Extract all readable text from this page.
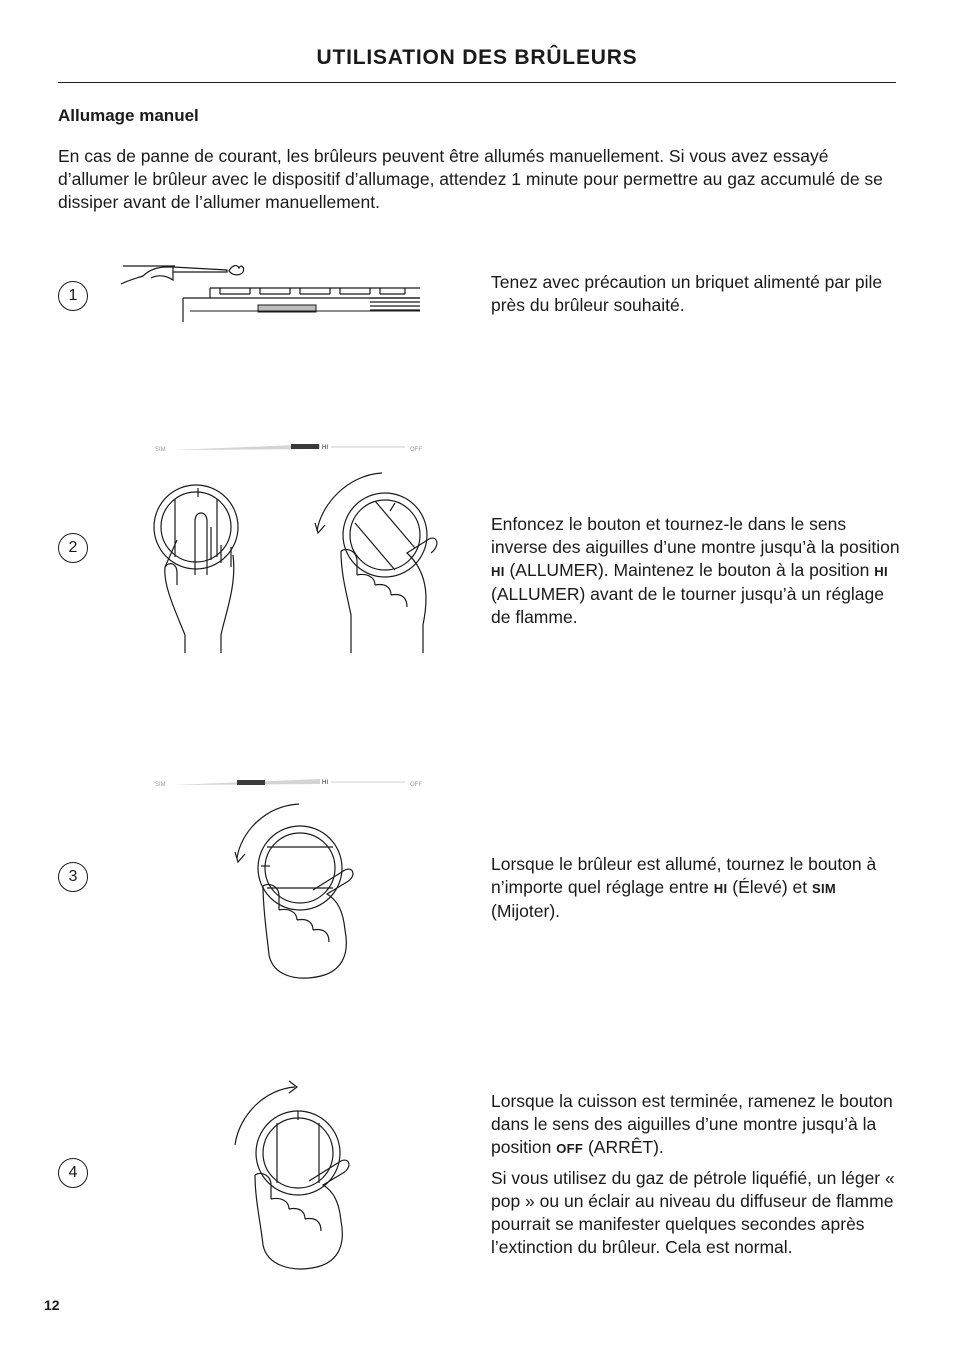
UTILISATION DES BRÛLEURS
Allumage manuel

En cas de panne de courant, les brûleurs peuvent être allumés manuellement. Si vous avez essayé d’allumer le brûleur avec le dispositif d’allumage, attendez 1 minute pour permettre au gaz accumulé de se dissiper avant de l’allumer manuellement.

1

Tenez avec précaution un briquet alimenté par pile près du brûleur souhaité.

2
SIM	HI	OFF

Enfoncez le bouton et tournez-le dans le sens inverse des aiguilles d’une montre jusqu’à la position HI (ALLUMER). Maintenez le bouton à la position HI (ALLUMER) avant de le tourner jusqu’à un réglage de flamme.

3
SIM	HI	OFF

Lorsque le brûleur est allumé, tournez le bouton à n’importe quel réglage entre HI (Élevé) et SIM (Mijoter).

4

Lorsque la cuisson est terminée, ramenez le bouton dans le sens des aiguilles d’une montre jusqu’à la position OFF (ARRÊT).

Si vous utilisez du gaz de pétrole liquéfié, un léger « pop » ou un éclair au niveau du diffuseur de flamme pourrait se manifester quelques secondes après l’extinction du brûleur. Cela est normal.

12
